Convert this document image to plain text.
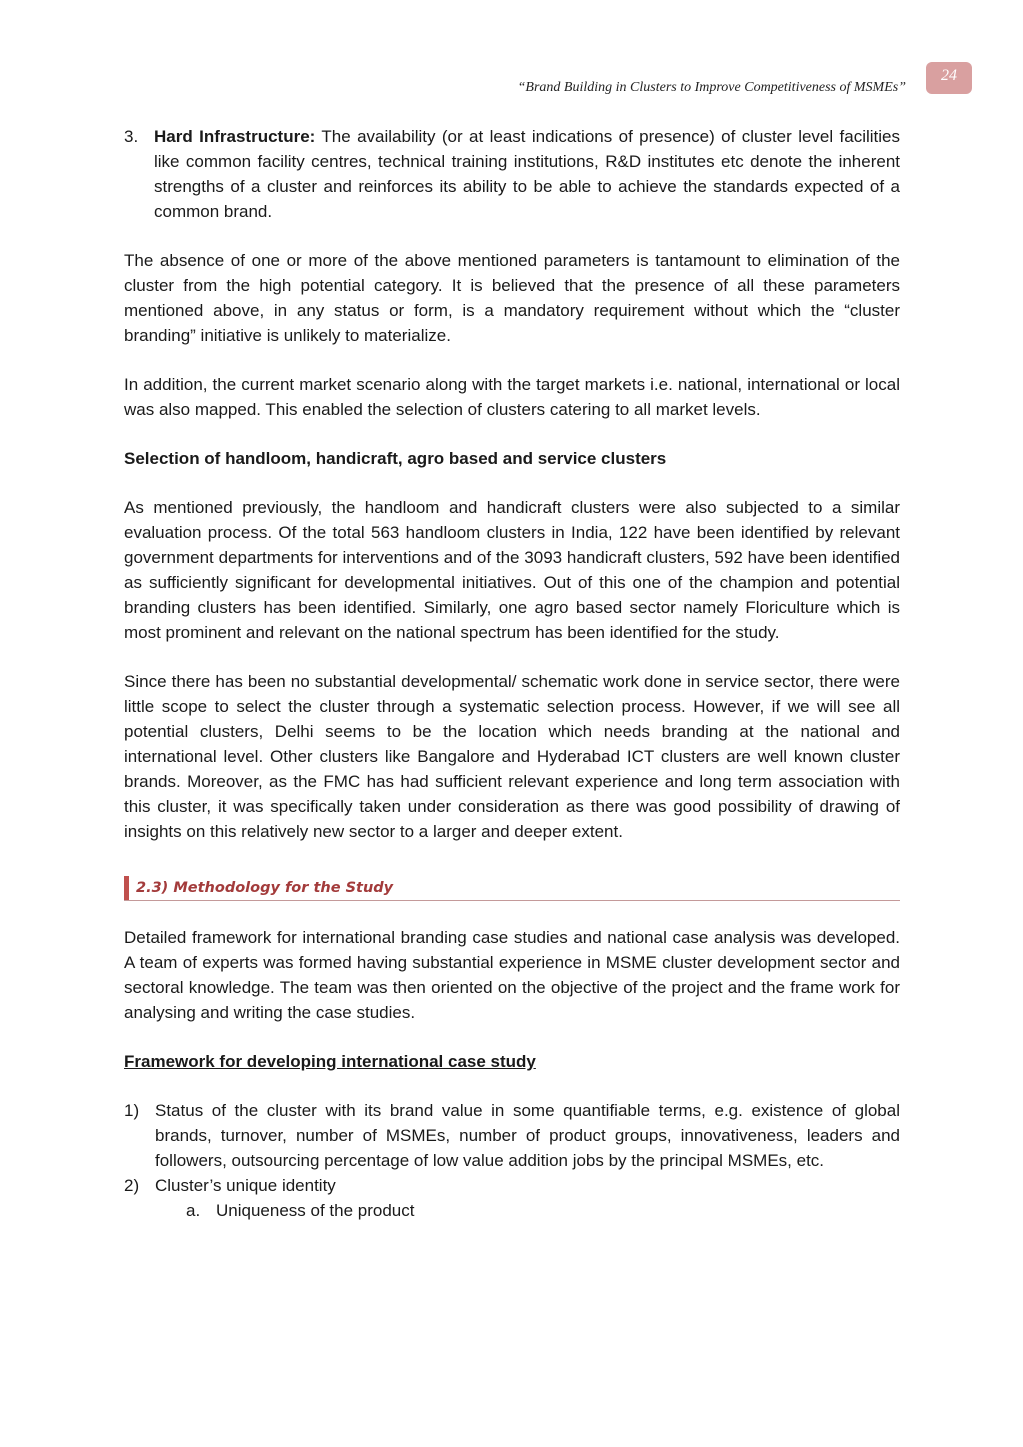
“Brand Building in Clusters to Improve Competitiveness of MSMEs”
24
3. Hard Infrastructure: The availability (or at least indications of presence) of cluster level facilities like common facility centres, technical training institutions, R&D institutes etc denote the inherent strengths of a cluster and reinforces its ability to be able to achieve the standards expected of a common brand.

The absence of one or more of the above mentioned parameters is tantamount to elimination of the cluster from the high potential category. It is believed that the presence of all these parameters mentioned above, in any status or form, is a mandatory requirement without which the “cluster branding” initiative is unlikely to materialize.

In addition, the current market scenario along with the target markets i.e. national, international or local was also mapped. This enabled the selection of clusters catering to all market levels.

Selection of handloom, handicraft, agro based and service clusters

As mentioned previously, the handloom and handicraft clusters were also subjected to a similar evaluation process. Of the total 563 handloom clusters in India, 122 have been identified by relevant government departments for interventions and of the 3093 handicraft clusters, 592 have been identified as sufficiently significant for developmental initiatives. Out of this one of the champion and potential branding clusters has been identified. Similarly, one agro based sector namely Floriculture which is most prominent and relevant on the national spectrum has been identified for the study.

Since there has been no substantial developmental/ schematic work done in service sector, there were little scope to select the cluster through a systematic selection process. However, if we will see all potential clusters, Delhi seems to be the location which needs branding at the national and international level. Other clusters like Bangalore and Hyderabad ICT clusters are well known cluster brands. Moreover, as the FMC has had sufficient relevant experience and long term association with this cluster, it was specifically taken under consideration as there was good possibility of drawing of insights on this relatively new sector to a larger and deeper extent.

2.3) Methodology for the Study

Detailed framework for international branding case studies and national case analysis was developed. A team of experts was formed having substantial experience in MSME cluster development sector and sectoral knowledge. The team was then oriented on the objective of the project and the frame work for analysing and writing the case studies.

Framework for developing international case study
1) Status of the cluster with its brand value in some quantifiable terms, e.g. existence of global brands, turnover, number of MSMEs, number of product groups, innovativeness, leaders and followers, outsourcing percentage of low value addition jobs by the principal MSMEs, etc.
2) Cluster’s unique identity
a. Uniqueness of the product
